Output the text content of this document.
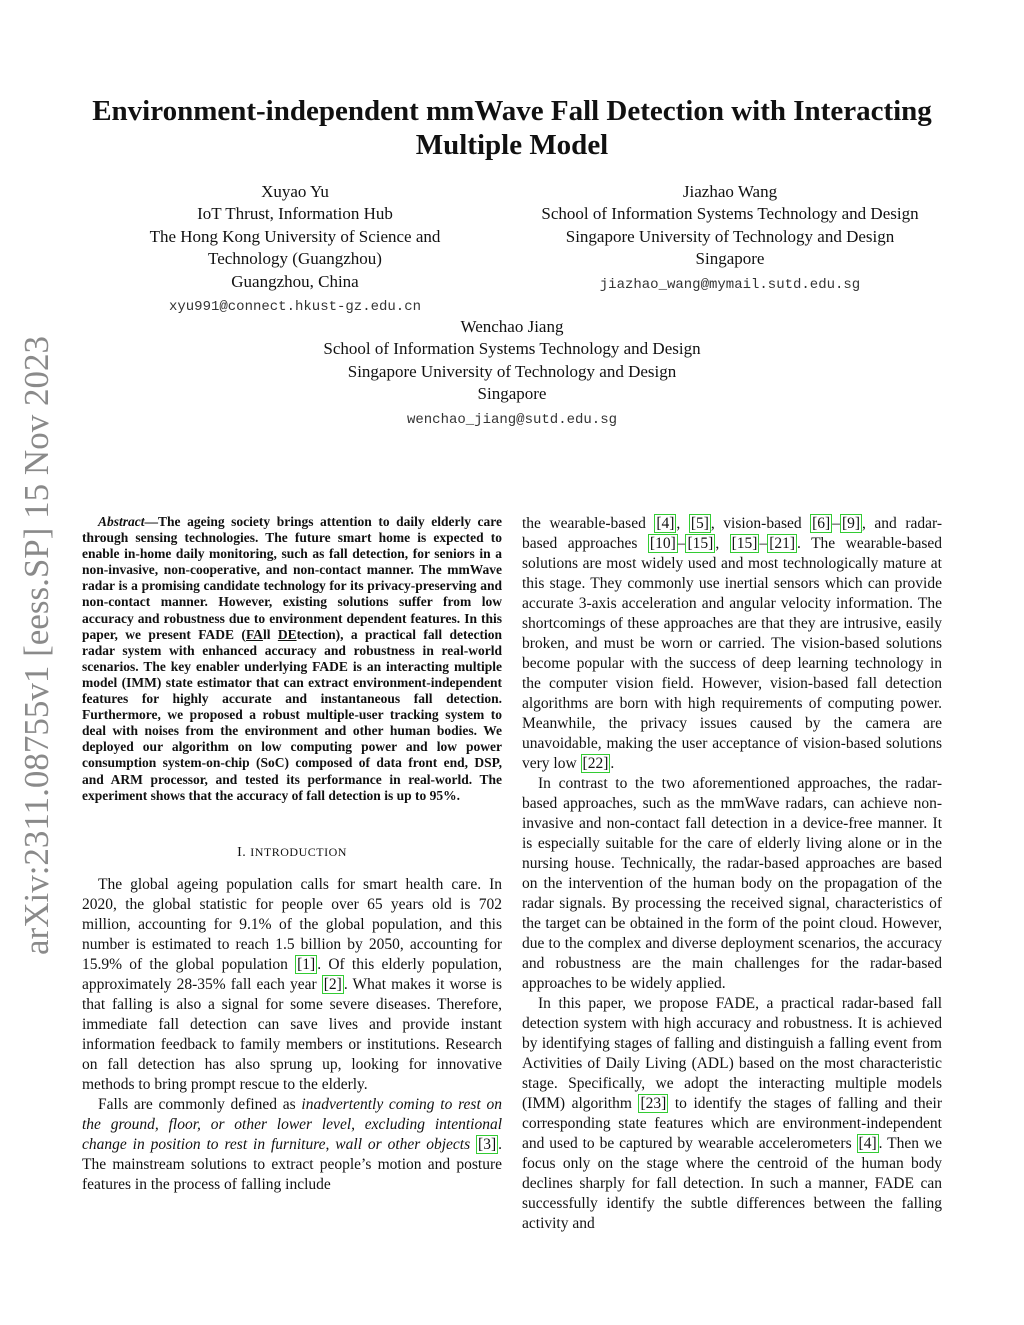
arXiv:2311.08755v1 [eess.SP] 15 Nov 2023
Environment-independent mmWave Fall Detection with Interacting Multiple Model
Xuyao Yu
IoT Thrust, Information Hub
The Hong Kong University of Science and Technology (Guangzhou)
Guangzhou, China
xyu991@connect.hkust-gz.edu.cn
Jiazhao Wang
School of Information Systems Technology and Design
Singapore University of Technology and Design
Singapore
jiazhao_wang@mymail.sutd.edu.sg
Wenchao Jiang
School of Information Systems Technology and Design
Singapore University of Technology and Design
Singapore
wenchao_jiang@sutd.edu.sg

Abstract—The ageing society brings attention to daily elderly care through sensing technologies. The future smart home is expected to enable in-home daily monitoring, such as fall detection, for seniors in a non-invasive, non-cooperative, and non-contact manner. The mmWave radar is a promising candidate technology for its privacy-preserving and non-contact manner. However, existing solutions suffer from low accuracy and robustness due to environment dependent features. In this paper, we present FADE (FAll DEtection), a practical fall detection radar system with enhanced accuracy and robustness in real-world scenarios. The key enabler underlying FADE is an interacting multiple model (IMM) state estimator that can extract environment-independent features for highly accurate and instantaneous fall detection. Furthermore, we proposed a robust multiple-user tracking system to deal with noises from the environment and other human bodies. We deployed our algorithm on low computing power and low power consumption system-on-chip (SoC) composed of data front end, DSP, and ARM processor, and tested its performance in real-world. The experiment shows that the accuracy of fall detection is up to 95%.

I. INTRODUCTION

The global ageing population calls for smart health care. In 2020, the global statistic for people over 65 years old is 702 million, accounting for 9.1% of the global population, and this number is estimated to reach 1.5 billion by 2050, accounting for 15.9% of the global population [1] . Of this elderly population, approximately 28-35% fall each year [2] . What makes it worse is that falling is also a signal for some severe diseases. Therefore, immediate fall detection can save lives and provide instant information feedback to family members or institutions. Research on fall detection has also sprung up, looking for innovative methods to bring prompt rescue to the elderly.

Falls are commonly defined as inadvertently coming to rest on the ground, floor, or other lower level, excluding intentional change in position to rest in furniture, wall or other objects [3] . The mainstream solutions to extract people’s motion and posture features in the process of falling include

the wearable-based [4] , [5] , vision-based [6] – [9] , and radar-based approaches [10] – [15] , [15] – [21] . The wearable-based solutions are most widely used and most technologically mature at this stage. They commonly use inertial sensors which can provide accurate 3-axis acceleration and angular velocity information. The shortcomings of these approaches are that they are intrusive, easily broken, and must be worn or carried. The vision-based solutions become popular with the success of deep learning technology in the computer vision field. However, vision-based fall detection algorithms are born with high requirements of computing power. Meanwhile, the privacy issues caused by the camera are unavoidable, making the user acceptance of vision-based solutions very low [22] .

In contrast to the two aforementioned approaches, the radar-based approaches, such as the mmWave radars, can achieve non-invasive and non-contact fall detection in a device-free manner. It is especially suitable for the care of elderly living alone or in the nursing house. Technically, the radar-based approaches are based on the intervention of the human body on the propagation of the radar signals. By processing the received signal, characteristics of the target can be obtained in the form of the point cloud. However, due to the complex and diverse deployment scenarios, the accuracy and robustness are the main challenges for the radar-based approaches to be widely applied.

In this paper, we propose FADE, a practical radar-based fall detection system with high accuracy and robustness. It is achieved by identifying stages of falling and distinguish a falling event from Activities of Daily Living (ADL) based on the most characteristic stage. Specifically, we adopt the interacting multiple models (IMM) algorithm [23] to identify the stages of falling and their corresponding state features which are environment-independent and used to be captured by wearable accelerometers [4] . Then we focus only on the stage where the centroid of the human body declines sharply for fall detection. In such a manner, FADE can successfully identify the subtle differences between the falling activity and
